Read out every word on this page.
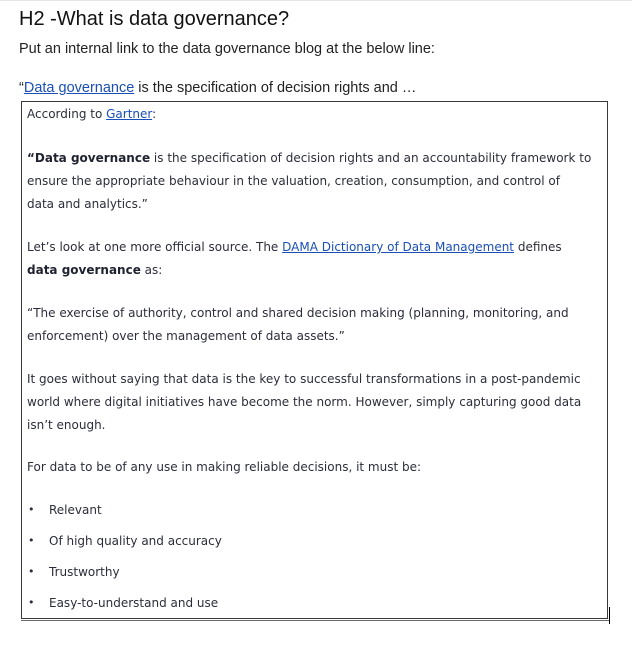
H2 -What is data governance?
Put an internal link to the data governance blog at the below line:
“Data governance is the specification of decision rights and …
According to Gartner:
“Data governance is the specification of decision rights and an accountability framework to
ensure the appropriate behaviour in the valuation, creation, consumption, and control of
data and analytics.”
Let’s look at one more official source. The DAMA Dictionary of Data Management defines
data governance as:
“The exercise of authority, control and shared decision making (planning, monitoring, and
enforcement) over the management of data assets.”
It goes without saying that data is the key to successful transformations in a post-pandemic
world where digital initiatives have become the norm. However, simply capturing good data
isn’t enough.
For data to be of any use in making reliable decisions, it must be:
• Relevant
• Of high quality and accuracy
• Trustworthy
• Easy-to-understand and use
